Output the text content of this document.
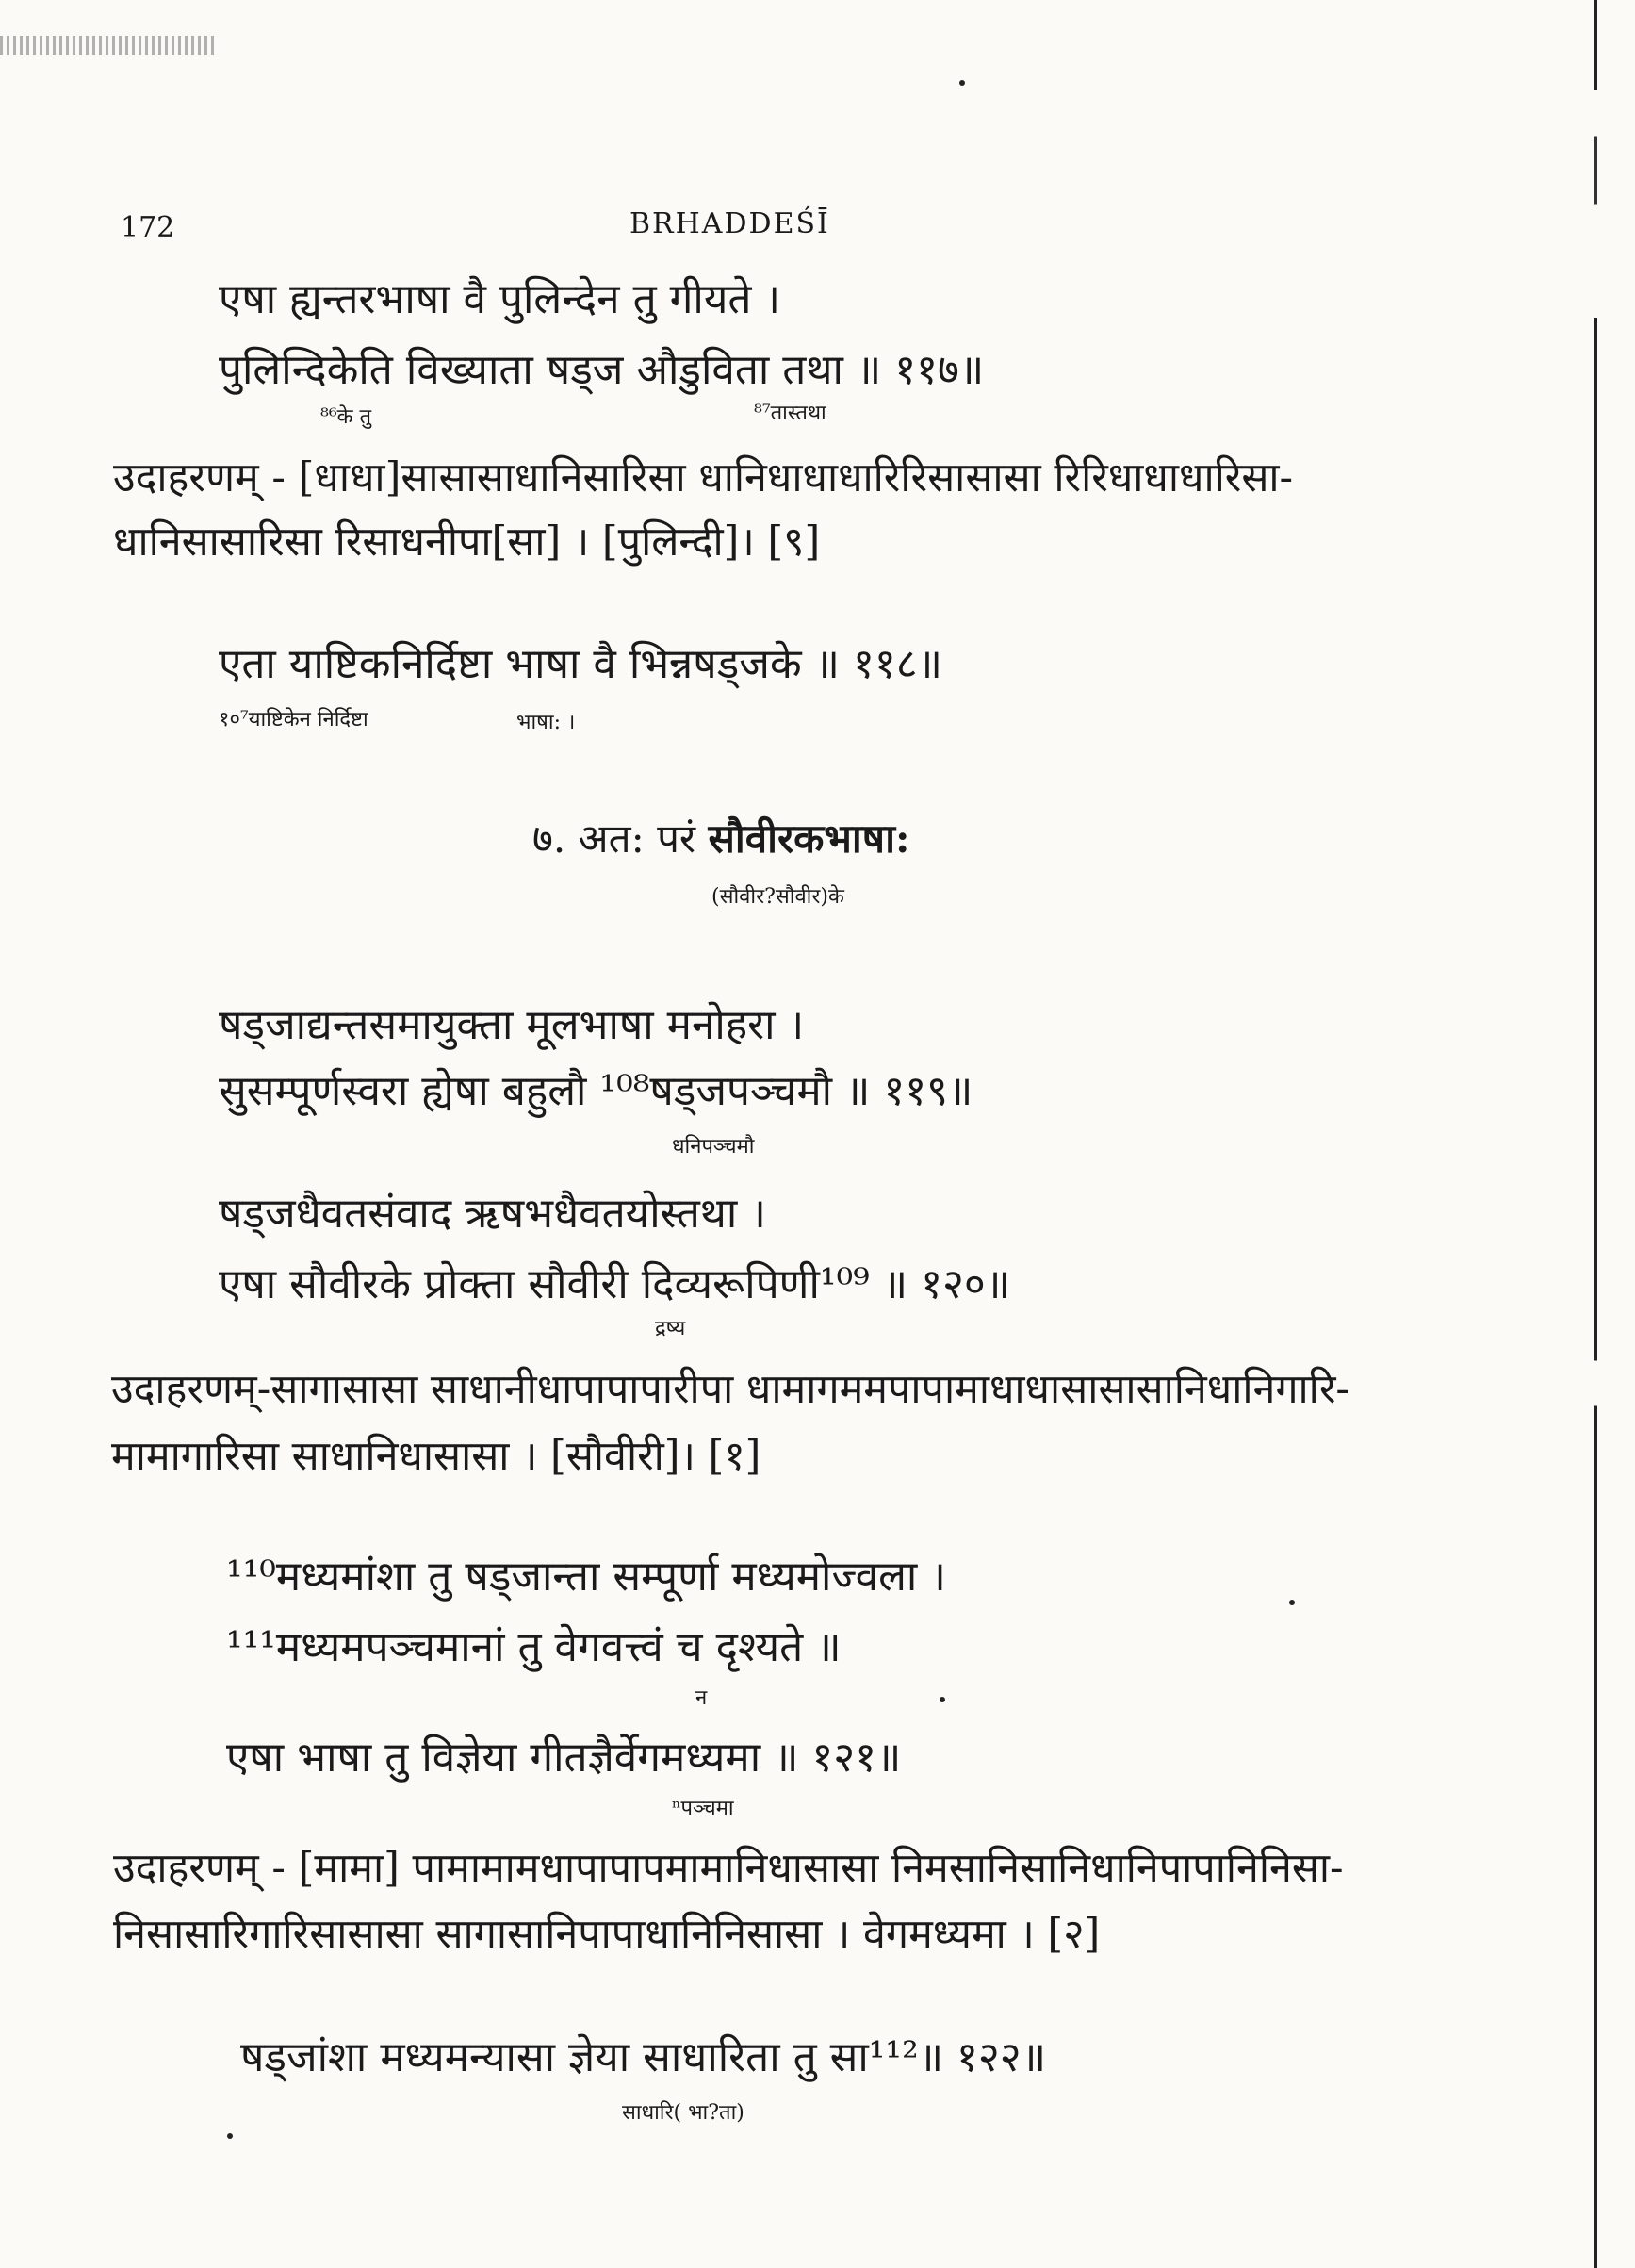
172	BRHADDEŚĪ
एषा ह्यन्तरभाषा वै पुलिन्देन तु गीयते ।
पुलिन्दिकेति विख्याता षड्ज औडुविता तथा ॥ ११७॥
⁸⁶के तु	⁸⁷तास्तथा
उदाहरणम् - [धाधा]सासासाधानिसारिसा धानिधाधाधारिरिसासासा रिरिधाधाधारिसा-
धानिसासारिसा रिसाधनीपा[सा] । [पुलिन्दी]। [९]
एता याष्टिकनिर्दिष्टा भाषा वै भिन्नषड्जके ॥ ११८॥
१०⁷याष्टिकेन निर्दिष्टा	भाषा: ।
७. अत: परं सौवीरकभाषा:
(सौवीर?सौवीर)के
षड्जाद्यन्तसमायुक्ता मूलभाषा मनोहरा ।
सुसम्पूर्णस्वरा ह्येषा बहुलौ ¹⁰⁸षड्जपञ्चमौ ॥ ११९॥
धनिपञ्चमौ
षड्जधैवतसंवाद ऋषभधैवतयोस्तथा ।
एषा सौवीरके प्रोक्ता सौवीरी दिव्यरूपिणी¹⁰⁹ ॥ १२०॥
द्रष्य
उदाहरणम्-सागासासा साधानीधापापापारीपा धामागममपापामाधाधासासासानिधानिगारि-
मामागारिसा साधानिधासासा । [सौवीरी]। [१]
¹¹⁰मध्यमांशा तु षड्जान्ता सम्पूर्णा मध्यमोज्वला ।
¹¹¹मध्यमपञ्चमानां तु वेगवत्त्वं च दृश्यते ॥
न
एषा भाषा तु विज्ञेया गीतज्ञैर्वेगमध्यमा ॥ १२१॥
ⁿपञ्चमा
उदाहरणम् - [मामा] पामामामधापापापमामानिधासासा निमसानिसानिधानिपापानिनिसा-
निसासारिगारिसासासा सागासानिपापाधानिनिसासा । वेगमध्यमा । [२]
षड्जांशा मध्यमन्यासा ज्ञेया साधारिता तु सा¹¹²॥ १२२॥
साधारि( भा?ता)
